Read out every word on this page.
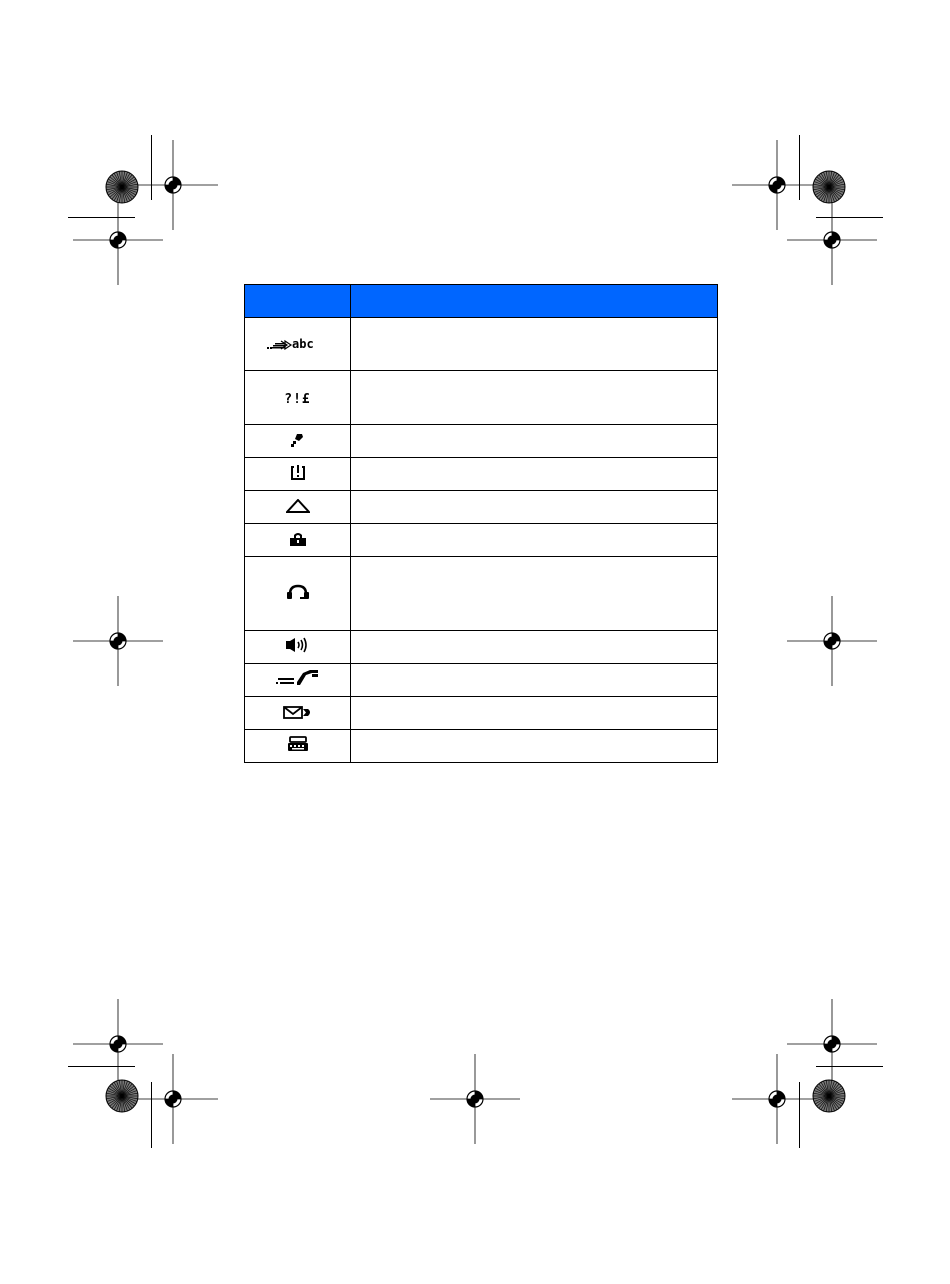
abc	

?!£	
